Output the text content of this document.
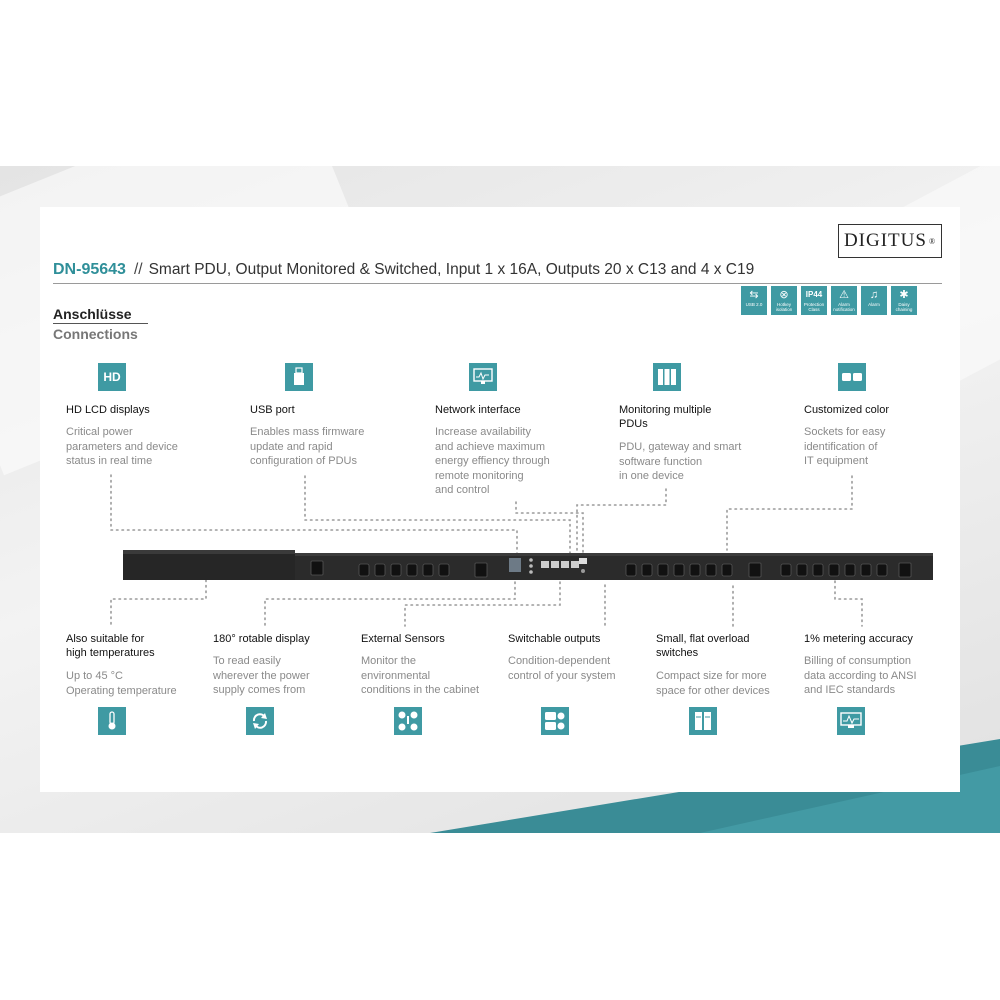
DIGITUS ®
DN-95643 // Smart PDU, Output Monitored & Switched, Input 1 x 16A, Outputs 20 x C13 and 4 x C19
⇆
USB 2.0
⊗
Hotkey isolation
IP44
Protection Class
⚠
Alarm notification
♫
Alarm
✱
Daisy chaining
Anschlüsse
Connections
HD
HD LCD displays
Critical power
parameters and device
status in real time
USB port
Enables mass firmware
update and rapid
configuration of PDUs
Network interface
Increase availability
and achieve maximum
energy effiency through
remote monitoring
and control
Monitoring multiple
PDUs
PDU, gateway and smart
software function
in one device
Customized color
Sockets for easy
identification of
IT equipment
Also suitable for
high temperatures
Up to 45 °C
Operating temperature
180° rotable display
To read easily
wherever the power
supply comes from
External Sensors
Monitor the
environmental
conditions in the cabinet
Switchable outputs
Condition-dependent
control of your system
Small, flat overload
switches
Compact size for more
space for other devices
1% metering accuracy
Billing of consumption
data according to ANSI
and IEC standards
